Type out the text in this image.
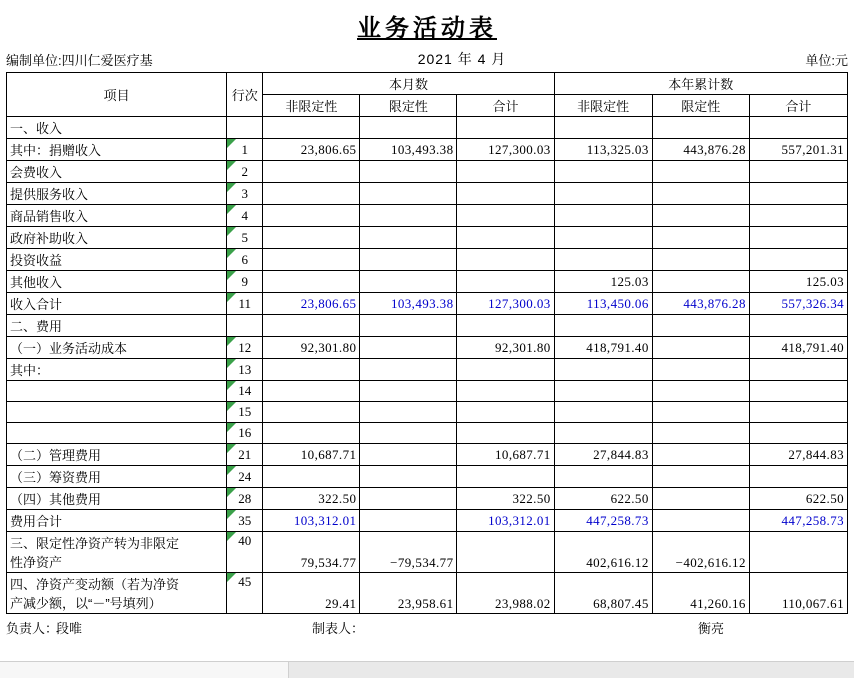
业务活动表
编制单位:四川仁爱医疗基	2021 年 4 月	单位:元
项目	行次	本月数			本年累计数		
		非限定性	限定性	合计	非限定性	限定性	合计
一、收入							
其中：捐赠收入	1	23,806.65	103,493.38	127,300.03	113,325.03	443,876.28	557,201.31
会费收入	2						
提供服务收入	3						
商品销售收入	4						
政府补助收入	5						
投资收益	6						
其他收入	9				125.03		125.03
收入合计	11	23,806.65	103,493.38	127,300.03	113,450.06	443,876.28	557,326.34
二、费用							
（一）业务活动成本	12	92,301.80		92,301.80	418,791.40		418,791.40
其中：	13						

14						

15						

16						
（二）管理费用	21	10,687.71		10,687.71	27,844.83		27,844.83
（三）筹资费用	24						
（四）其他费用	28	322.50		322.50	622.50		622.50
费用合计	35	103,312.01		103,312.01	447,258.73		447,258.73
三、限定性净资产转为非限定
性净资产	40	79,534.77	−79,534.77		402,616.12	−402,616.12	
四、净资产变动额（若为净资
产减少额，以“－”号填列）	45	29.41	23,958.61	23,988.02	68,807.45	41,260.16	110,067.61
负责人：
段唯	制表人：	衡亮
